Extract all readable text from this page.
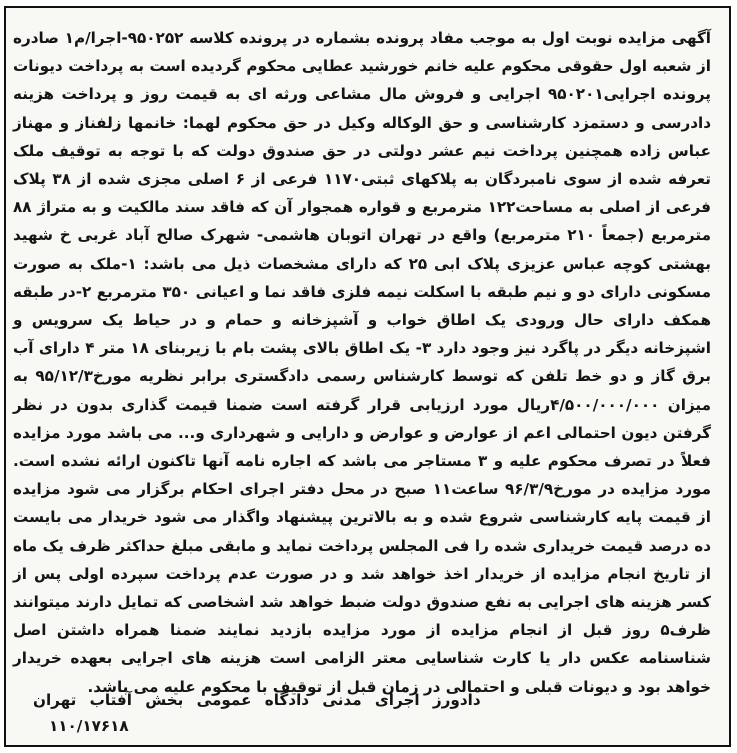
آگهی مزایده نوبت اول به موجب مفاد پرونده بشماره در پرونده کلاسه ۹۵۰۲۵۲-اجرا/م۱ صادره از شعبه اول حقوقی محکوم علیه خانم خورشید عطایی محکوم گردیده است به پرداخت دیونات پرونده اجرایی۹۵۰۲۰۱ اجرایی و فروش مال مشاعی ورثه ای به قیمت روز و پرداخت هزینه دادرسی و دستمزد کارشناسی و حق الوکاله وکیل در حق محکوم لهما: خانمها زلفناز و مهناز عباس زاده همچنین پرداخت نیم عشر دولتی در حق صندوق دولت که با توجه به توقیف ملک تعرفه شده از سوی نامبردگان به پلاکهای ثبتی۱۱۷۰ فرعی از ۶ اصلی مجزی شده از ۳۸ پلاک فرعی از اصلی به مساحت۱۲۲ مترمربع و قواره همجوار آن که فاقد سند مالکیت و به متراژ ۸۸ مترمربع (جمعاً ۲۱۰ مترمربع) واقع در تهران اتوبان هاشمی- شهرک صالح آباد غربی خ شهید بهشتی کوچه عباس عزیزی پلاک ابی ۲۵ که دارای مشخصات ذیل می باشد: ۱-ملک به صورت مسکونی دارای دو و نیم طبقه با اسکلت نیمه فلزی فاقد نما و اعیانی ۳۵۰ مترمربع ۲-در طبقه همکف دارای حال ورودی یک اطاق خواب و آشپزخانه و حمام و در حیاط یک سرویس و اشپزخانه دیگر در پاگرد نیز وجود دارد ۳- یک اطاق بالای پشت بام با زیربنای ۱۸ متر ۴ دارای آب برق گاز و دو خط تلفن که توسط کارشناس رسمی دادگستری برابر نظریه مورخ۹۵/۱۲/۳ به میزان ۴/۵۰۰/۰۰۰/۰۰۰ریال مورد ارزیابی قرار گرفته است ضمنا قیمت گذاری بدون در نظر گرفتن دیون احتمالی اعم از عوارض و عوارض و دارایی و شهرداری و... می باشد مورد مزایده فعلاً در تصرف محکوم علیه و ۳ مستاجر می باشد که اجاره نامه آنها تاکنون ارائه نشده است. مورد مزایده در مورخ۹۶/۳/۹ ساعت۱۱ صبح در محل دفتر اجرای احکام برگزار می شود مزایده از قیمت پایه کارشناسی شروع شده و به بالاترین پیشنهاد واگذار می شود خریدار می بایست ده درصد قیمت خریداری شده را فی المجلس پرداخت نماید و مابقی مبلغ حداکثر ظرف یک ماه از تاریخ انجام مزایده از خریدار اخذ خواهد شد و در صورت عدم پرداخت سپرده اولی پس از کسر هزینه های اجرایی به نفع صندوق دولت ضبط خواهد شد اشخاصی که تمایل دارند میتوانند ظرف۵ روز قبل از انجام مزایده از مورد مزایده بازدید نمایند ضمنا همراه داشتن اصل شناسنامه عکس دار یا کارت شناسایی معتر الزامی است هزینه های اجرایی بعهده خریدار خواهد بود و دیونات قبلی و احتمالی در زمان قبل از توقیف با محکوم علیه می باشد.
دادورز اجرای مدنی دادگاه عمومی بخش آفتاب تهران
۱۱۰/۱۷۶۱۸
